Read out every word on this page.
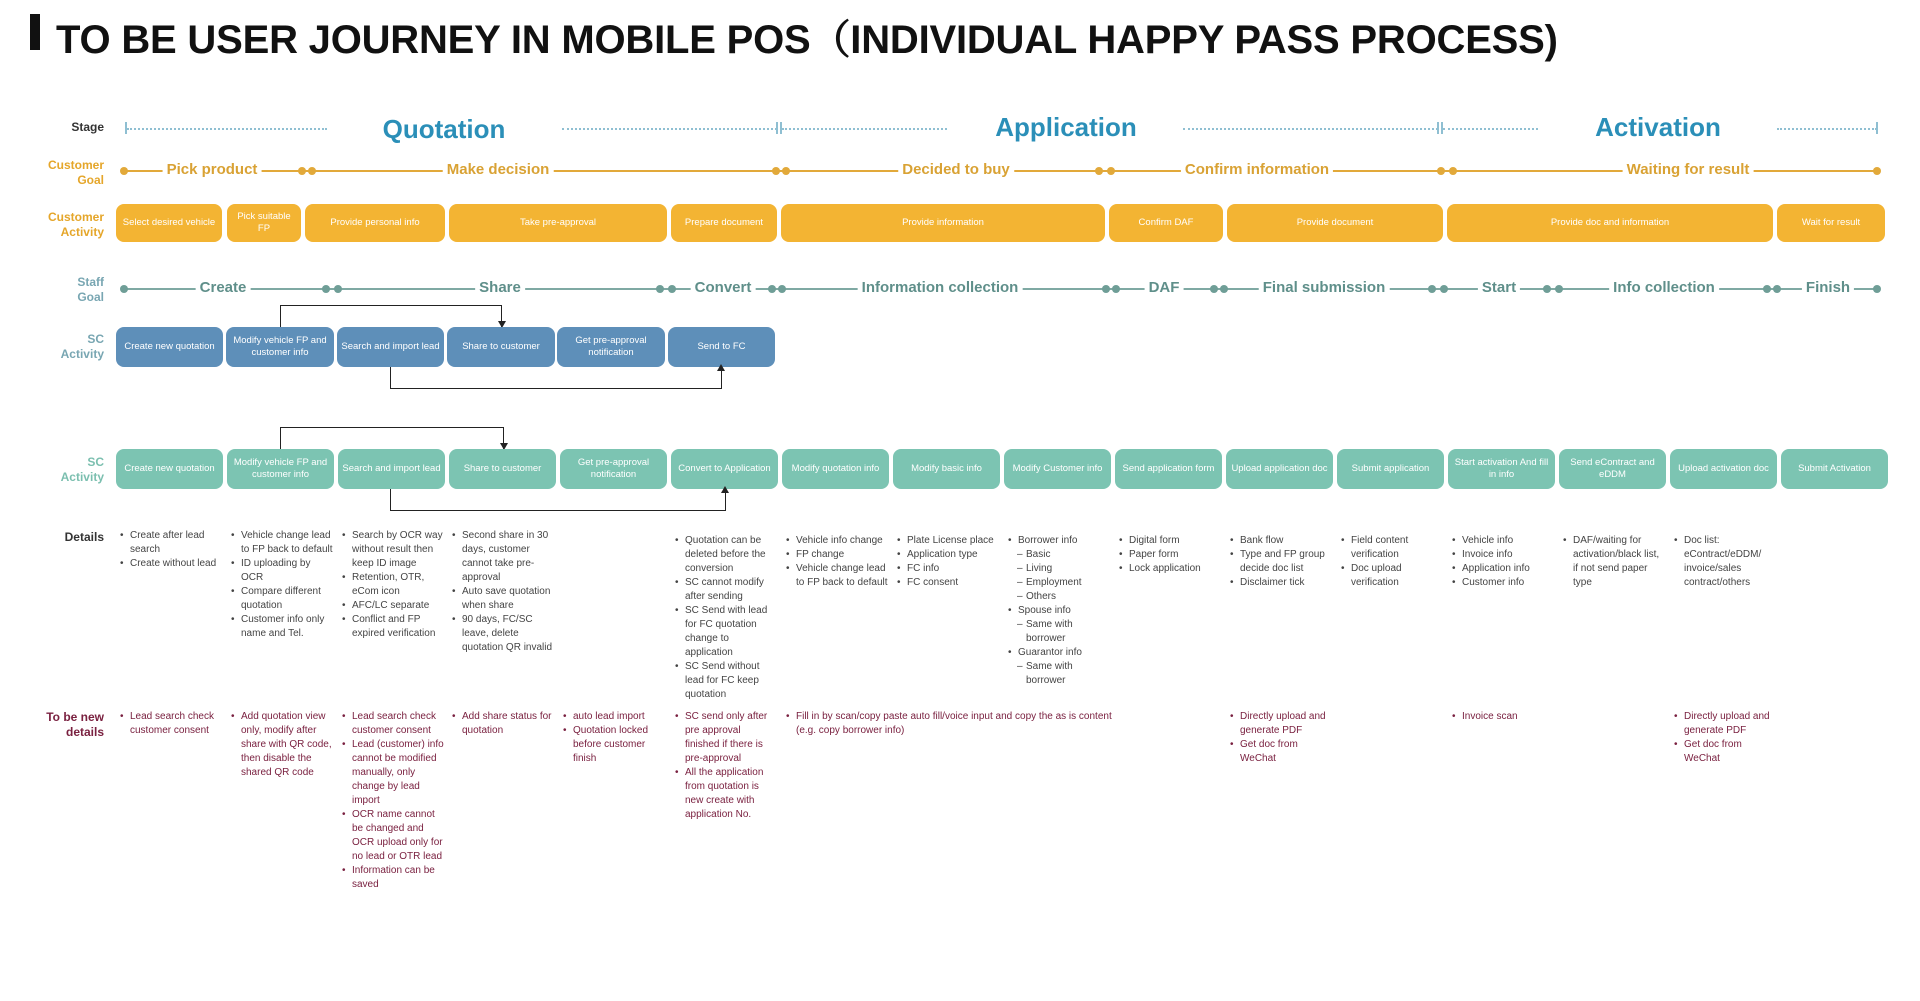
TO BE USER JOURNEY IN MOBILE POS（INDIVIDUAL HAPPY PASS PROCESS)
Stage
Customer
Goal
Customer
Activity
Staff
Goal
SC
Activity
SC
Activity
Details
To be new
details
Quotation	Application	Activation
Pick product	Make decision	Decided to buy	Confirm information	Waiting for result
Select desired vehicle
Pick suitable FP
Provide personal info	Take pre-approval	Prepare document	Provide information	Confirm DAF	Provide document	Provide doc and information	Wait for result
Create	Share	Convert	Information collection	DAF	Final submission	Start	Info collection	Finish
Create new quotation
Modify vehicle FP and customer info
Search and import lead	Share to customer
Get pre-approval notification
Send to FC
Create new quotation
Modify vehicle FP and customer info
Search and import lead	Share to customer
Get pre-approval notification
Convert to Application	Modify quotation info	Modify basic info	Modify Customer info	Send application form	Upload application doc	Submit application
Start activation And fill in info
Send eContract and eDDM
Upload activation doc	Submit Activation
• Create after lead search
• Create without lead
• Vehicle change lead to FP back to default
• ID uploading by OCR
• Compare different quotation
• Customer info only name and Tel.
• Search by OCR way without result then keep ID image
• Retention, OTR, eCom icon
• AFC/LC separate
• Conflict and FP expired verification
• Second share in 30 days, customer cannot take pre-approval
• Auto save quotation when share
• 90 days, FC/SC leave, delete quotation QR invalid
• Quotation can be deleted before the conversion
• SC cannot modify after sending
• SC Send with lead for FC quotation change to application
• SC Send without lead for FC keep quotation
• Vehicle info change
• FP change
• Vehicle change lead to FP back to default
• Plate License place
• Application type
• FC info
• FC consent
• Borrower info
– Basic
– Living
– Employment
– Others
• Spouse info
– Same with borrower
• Guarantor info
– Same with borrower
• Digital form
• Paper form
• Lock application
• Bank flow
• Type and FP group decide doc list
• Disclaimer tick
• Field content verification
• Doc upload verification
• Vehicle info
• Invoice info
• Application info
• Customer info
• DAF/waiting for activation/black list, if not send paper type
• Doc list: eContract/eDDM/ invoice/sales contract/others
• Lead search check customer consent
• Add quotation view only, modify after share with QR code, then disable the shared QR code
• Lead search check customer consent
• Lead (customer) info cannot be modified manually, only change by lead import
• OCR name cannot be changed and OCR upload only for no lead or OTR lead
• Information can be saved
• Add share status for quotation
• auto lead import
• Quotation locked before customer finish
• SC send only after pre approval finished if there is pre-approval
• All the application from quotation is new create with application No.
• Fill in by scan/copy paste auto fill/voice input and copy the as is content (e.g. copy borrower info)
• Directly upload and generate PDF
• Get doc from WeChat
• Invoice scan
•	Directly upload and generate PDF
• Get doc from WeChat
